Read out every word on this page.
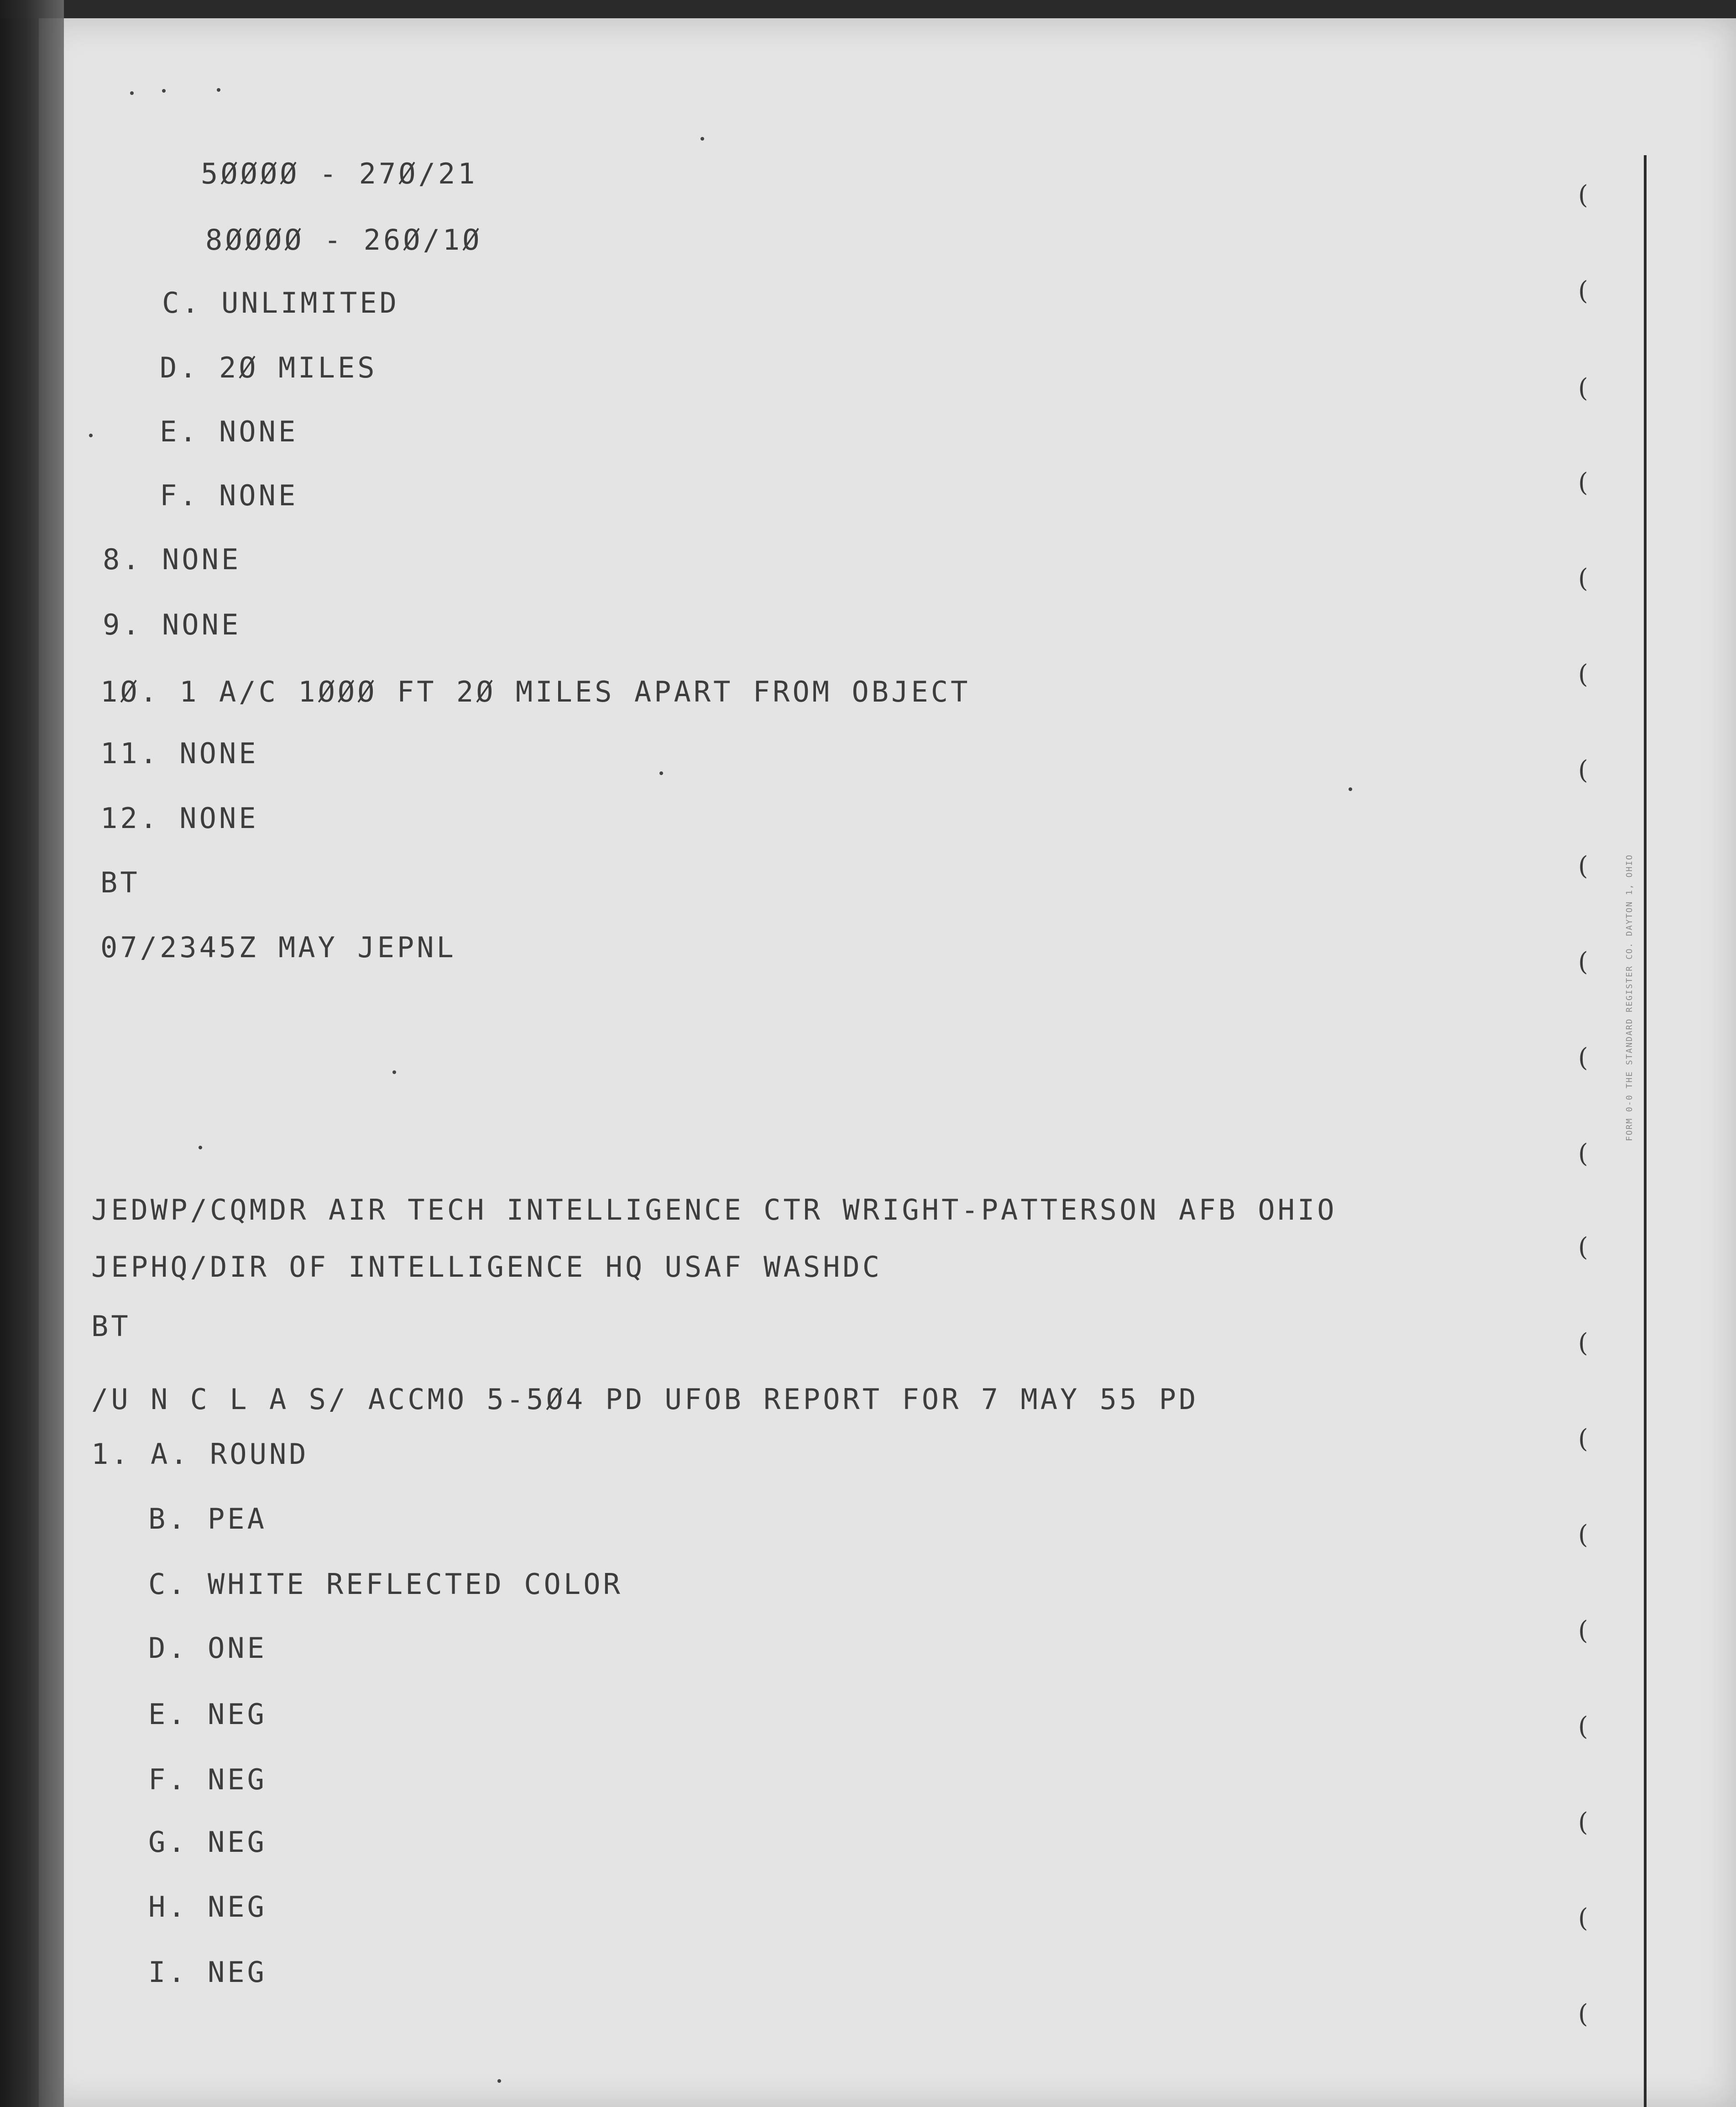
FORM 0-0 THE STANDARD REGISTER CO. DAYTON 1, OHIO
5ØØØØ - 27Ø/21
8ØØØØ - 26Ø/1Ø
C. UNLIMITED
D. 2Ø MILES
E. NONE
F. NONE
8. NONE
9. NONE
1Ø. 1 A/C 1ØØØ FT 2Ø MILES APART FROM OBJECT
11. NONE
12. NONE
BT
07/2345Z MAY JEPNL
JEDWP/CQMDR AIR TECH INTELLIGENCE CTR WRIGHT-PATTERSON AFB OHIO
JEPHQ/DIR OF INTELLIGENCE HQ USAF WASHDC
BT
/U N C L A S/ ACCMO 5-5Ø4 PD UFOB REPORT FOR 7 MAY 55 PD
1. A. ROUND
B. PEA
C. WHITE REFLECTED COLOR
D. ONE
E. NEG
F. NEG
G. NEG
H. NEG
I. NEG
(
(
(
(
(
(
(
(
(
(
(
(
(
(
(
(
(
(
(
(
